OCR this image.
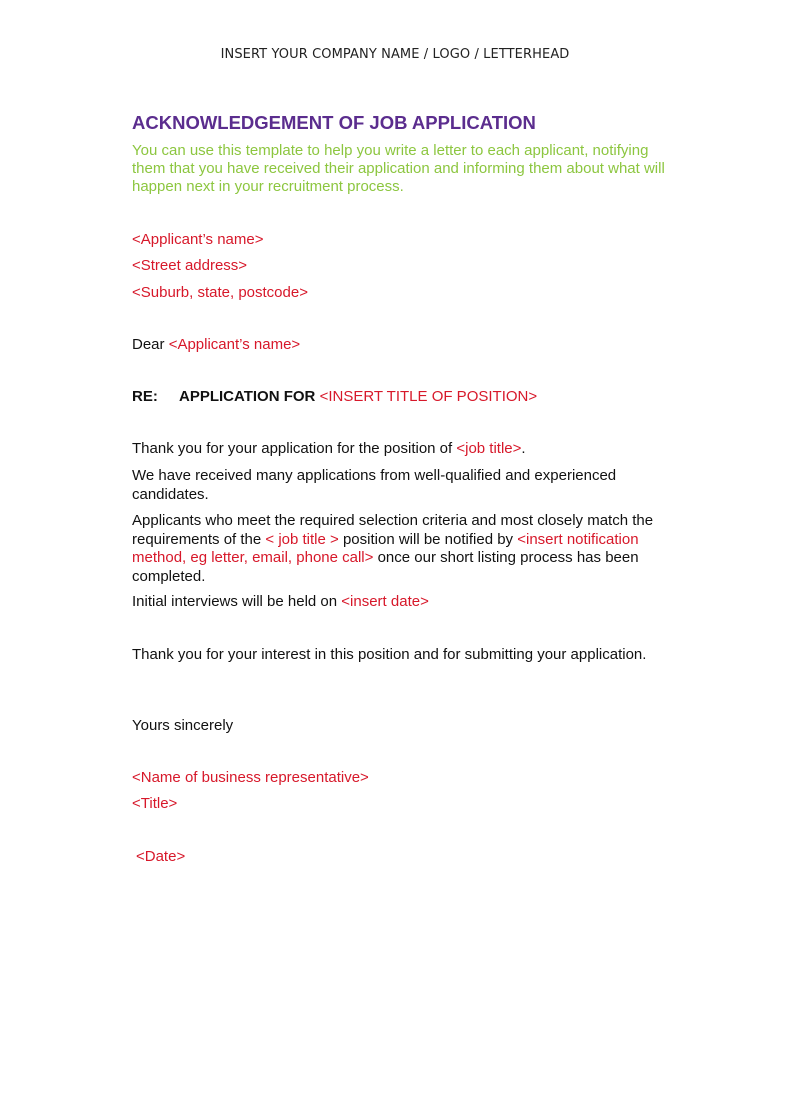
INSERT YOUR COMPANY NAME / LOGO / LETTERHEAD
ACKNOWLEDGEMENT OF JOB APPLICATION
You can use this template to help you write a letter to each applicant, notifying them that you have received their application and informing them about what will happen next in your recruitment process.
<Applicant’s name>
<Street address>
<Suburb, state, postcode>
Dear <Applicant’s name>
RE: APPLICATION FOR <INSERT TITLE OF POSITION>
Thank you for your application for the position of <job title>.
We have received many applications from well-qualified and experienced candidates.
Applicants who meet the required selection criteria and most closely match the requirements of the < job title > position will be notified by <insert notification method, eg letter, email, phone call> once our short listing process has been completed.
Initial interviews will be held on <insert date>
Thank you for your interest in this position and for submitting your application.
Yours sincerely
<Name of business representative>
<Title>
<Date>
